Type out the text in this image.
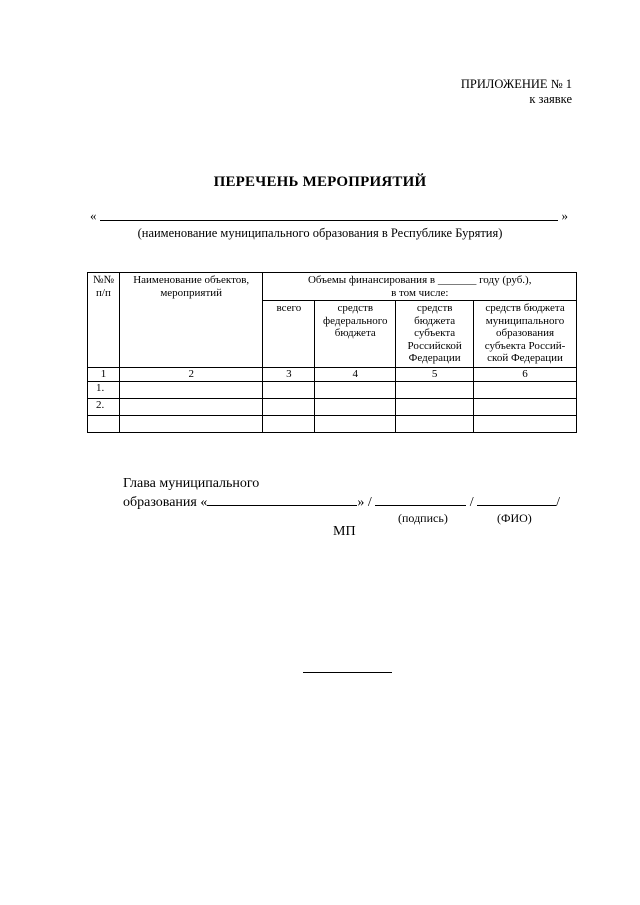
ПРИЛОЖЕНИЕ № 1
к заявке
ПЕРЕЧЕНЬ МЕРОПРИЯТИЙ
«	»
(наименование муниципального образования в Республике Бурятия)
№№ п/п	Наименование объектов, мероприятий	Объемы финансирования в _______ году (руб.),
в том числе:			

		всего	средств федерального бюджета	средств бюджета субъекта Российской Федерации	средств бюджета муниципального образования субъекта Россий-ской Федерации
1	2	3	4	5	6
1.					
2.					

Глава муниципального
образования «	» /	/	/
(подпись)	(ФИО)
МП
